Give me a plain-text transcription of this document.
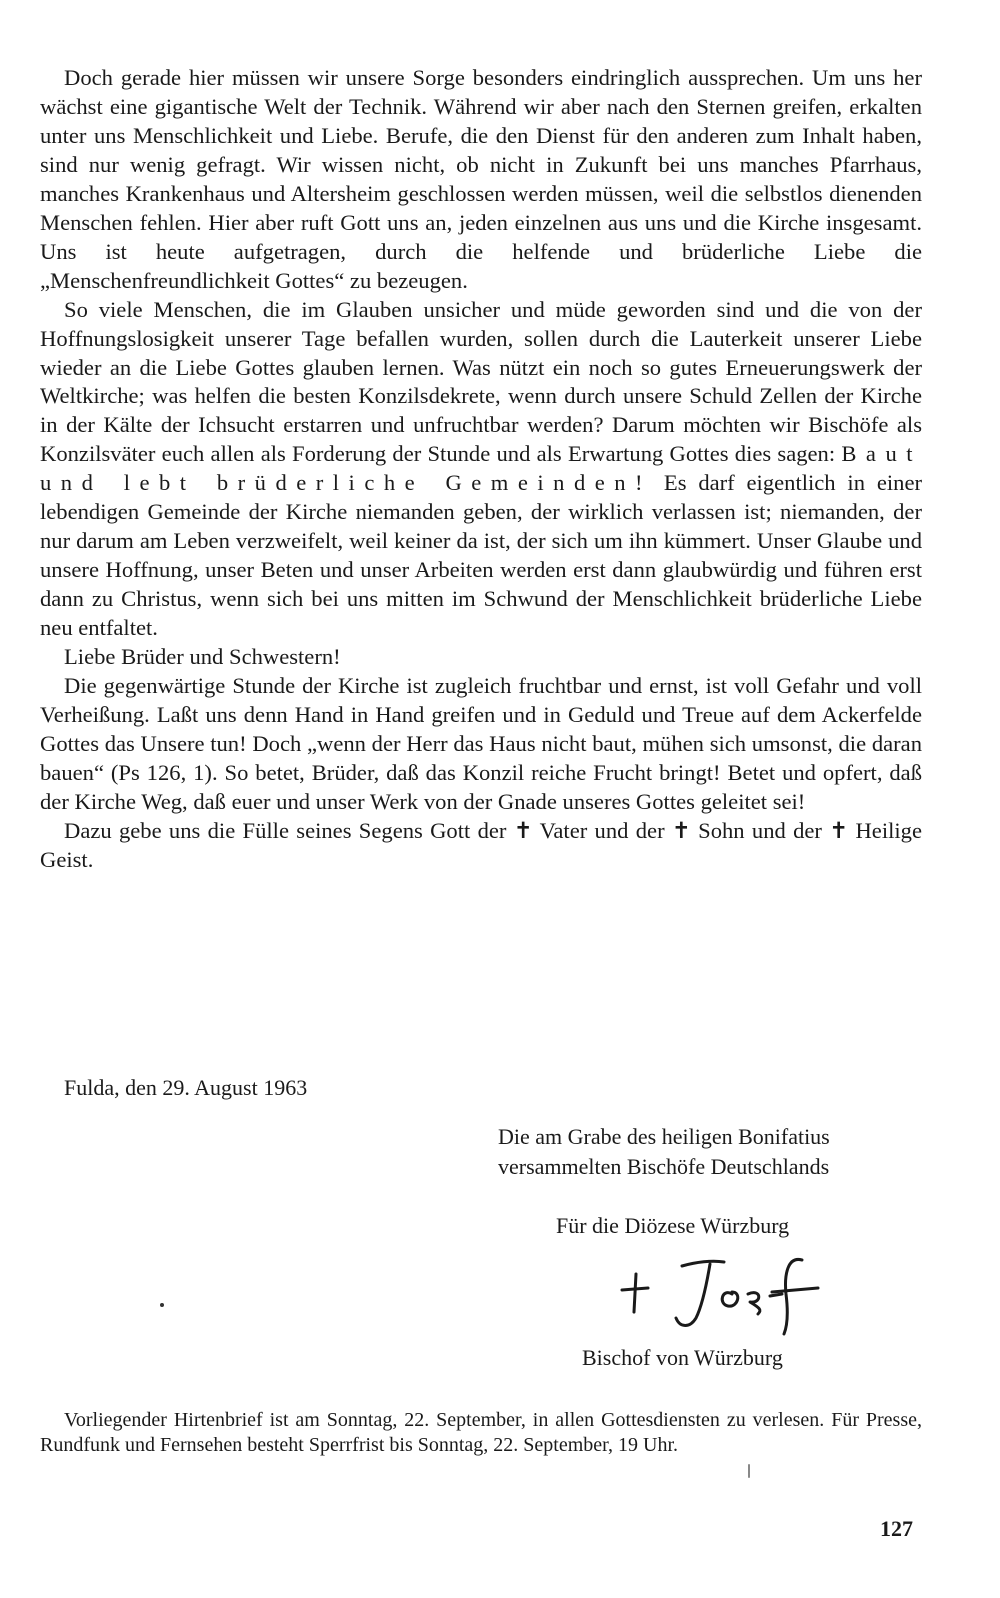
Doch gerade hier müssen wir unsere Sorge besonders eindringlich aussprechen. Um uns her wächst eine gigantische Welt der Technik. Während wir aber nach den Sternen greifen, erkalten unter uns Menschlichkeit und Liebe. Berufe, die den Dienst für den anderen zum Inhalt haben, sind nur wenig gefragt. Wir wissen nicht, ob nicht in Zukunft bei uns manches Pfarrhaus, manches Krankenhaus und Altersheim geschlossen werden müssen, weil die selbstlos dienenden Menschen fehlen. Hier aber ruft Gott uns an, jeden einzelnen aus uns und die Kirche insgesamt. Uns ist heute aufgetragen, durch die helfende und brüderliche Liebe die „Menschenfreundlichkeit Gottes“ zu bezeugen.

So viele Menschen, die im Glauben unsicher und müde geworden sind und die von der Hoffnungslosigkeit unserer Tage befallen wurden, sollen durch die Lauterkeit unserer Liebe wieder an die Liebe Gottes glauben lernen. Was nützt ein noch so gutes Erneuerungswerk der Weltkirche; was helfen die besten Konzilsdekrete, wenn durch unsere Schuld Zellen der Kirche in der Kälte der Ichsucht erstarren und unfruchtbar werden? Darum möchten wir Bischöfe als Konzilsväter euch allen als Forderung der Stunde und als Erwartung Gottes dies sagen: Baut und lebt brüderliche Gemeinden! Es darf eigentlich in einer lebendigen Gemeinde der Kirche niemanden geben, der wirklich verlassen ist; niemanden, der nur darum am Leben verzweifelt, weil keiner da ist, der sich um ihn kümmert. Unser Glaube und unsere Hoffnung, unser Beten und unser Arbeiten werden erst dann glaubwürdig und führen erst dann zu Christus, wenn sich bei uns mitten im Schwund der Menschlichkeit brüderliche Liebe neu entfaltet.

Liebe Brüder und Schwestern!

Die gegenwärtige Stunde der Kirche ist zugleich fruchtbar und ernst, ist voll Gefahr und voll Verheißung. Laßt uns denn Hand in Hand greifen und in Geduld und Treue auf dem Ackerfelde Gottes das Unsere tun! Doch „wenn der Herr das Haus nicht baut, mühen sich umsonst, die daran bauen“ (Ps 126, 1). So betet, Brüder, daß das Konzil reiche Frucht bringt! Betet und opfert, daß der Kirche Weg, daß euer und unser Werk von der Gnade unseres Gottes geleitet sei!

Dazu gebe uns die Fülle seines Segens Gott der ✝ Vater und der ✝ Sohn und der ✝ Heilige Geist.

Fulda, den 29. August 1963
Die am Grabe des heiligen Bonifatius
versammelten Bischöfe Deutschlands
Für die Diözese Würzburg
Bischof von Würzburg

Vorliegender Hirtenbrief ist am Sonntag, 22. September, in allen Gottesdiensten zu verlesen. Für Presse, Rundfunk und Fernsehen besteht Sperrfrist bis Sonntag, 22. September, 19 Uhr.

127
